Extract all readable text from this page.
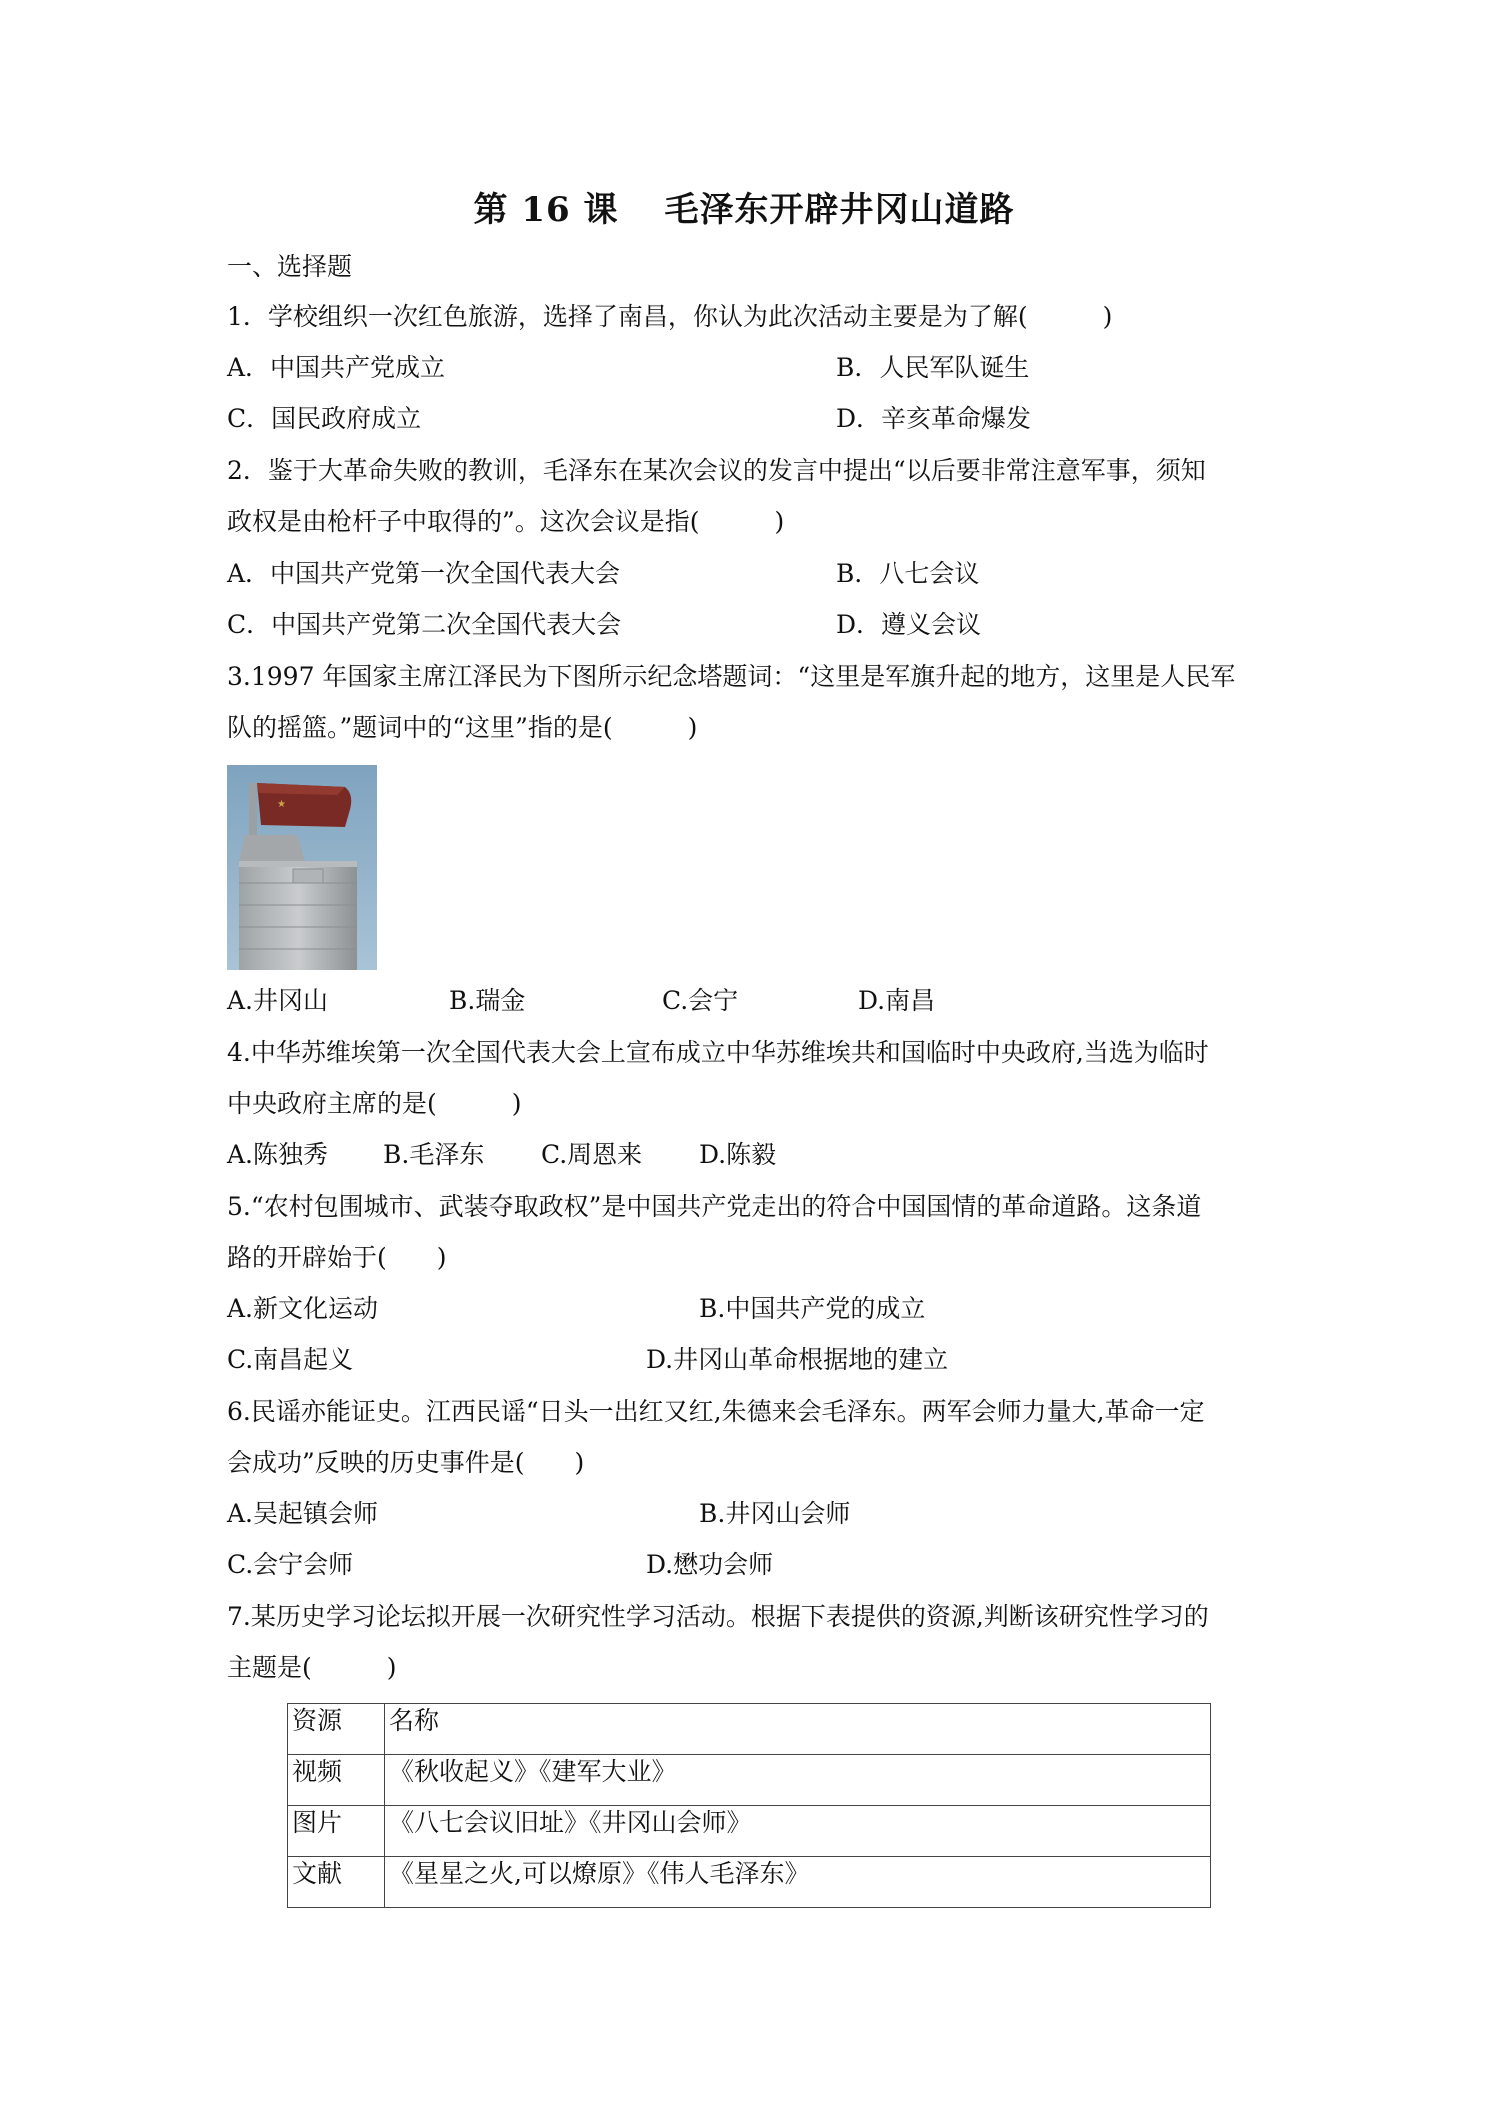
第 16 课 毛泽东开辟井冈山道路
一、选择题
1．学校组织一次红色旅游，选择了南昌，你认为此次活动主要是为了解(　　　)
A．中国共产党成立	B．人民军队诞生
C．国民政府成立	D．辛亥革命爆发
2．鉴于大革命失败的教训，毛泽东在某次会议的发言中提出“以后要非常注意军事，须知
政权是由枪杆子中取得的”。这次会议是指(　　　)
A．中国共产党第一次全国代表大会	B．八七会议
C．中国共产党第二次全国代表大会	D．遵义会议
3.1997 年国家主席江泽民为下图所示纪念塔题词：“这里是军旗升起的地方，这里是人民军
队的摇篮。”题词中的“这里”指的是(　　　)
★
A.井冈山	B.瑞金	C.会宁	D.南昌
4.中华苏维埃第一次全国代表大会上宣布成立中华苏维埃共和国临时中央政府,当选为临时
中央政府主席的是(　　　)
A.陈独秀 B.毛泽东 C.周恩来 D.陈毅
5.“农村包围城市、武装夺取政权”是中国共产党走出的符合中国国情的革命道路。这条道
路的开辟始于(　　)
A.新文化运动	B.中国共产党的成立
C.南昌起义	D.井冈山革命根据地的建立
6.民谣亦能证史。江西民谣“日头一出红又红,朱德来会毛泽东。两军会师力量大,革命一定
会成功”反映的历史事件是(　　)
A.吴起镇会师	B.井冈山会师
C.会宁会师	D.懋功会师
7.某历史学习论坛拟开展一次研究性学习活动。根据下表提供的资源,判断该研究性学习的
主题是(　　　)
资源	名称
视频	《秋收起义》《建军大业》
图片	《八七会议旧址》《井冈山会师》
文献	《星星之火,可以燎原》《伟人毛泽东》
